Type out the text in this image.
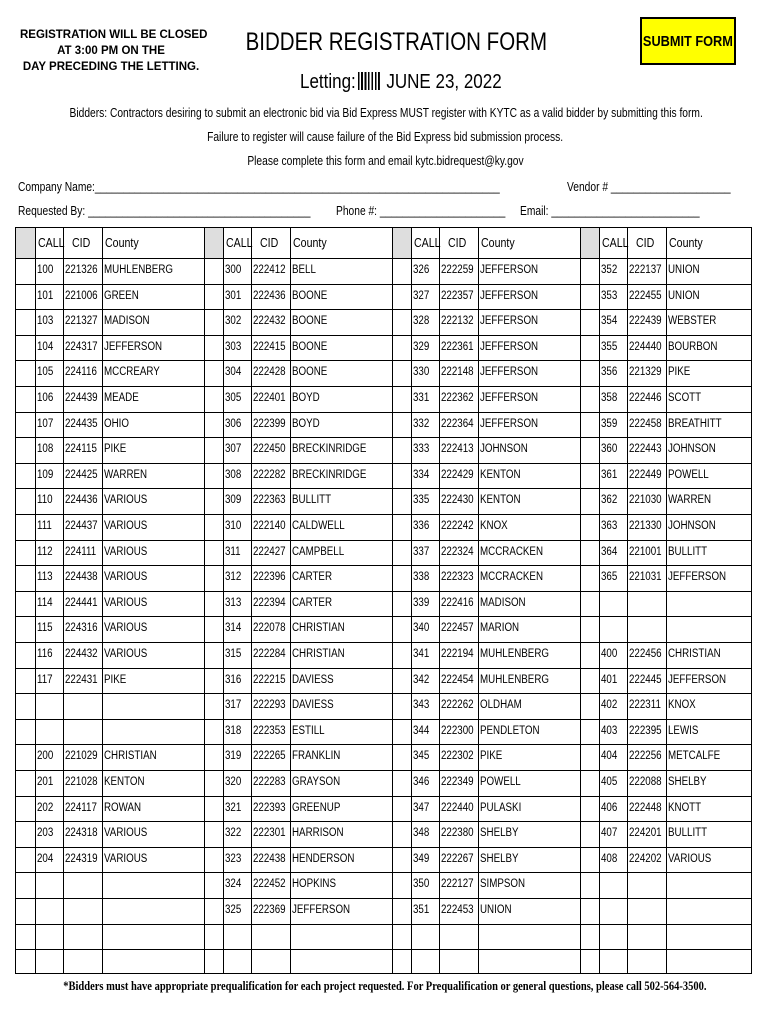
REGISTRATION WILL BE CLOSED
AT 3:00 PM ON THE
DAY PRECEDING THE LETTING.
BIDDER REGISTRATION FORM
Letting: JUNE 23, 2022
SUBMIT FORM
Bidders: Contractors desiring to submit an electronic bid via Bid Express MUST register with KYTC as a valid bidder by submitting this form.
Failure to register will cause failure of the Bid Express bid submission process.
Please complete this form and email kytc.bidrequest@ky.gov
Company Name:_______________________________________________________________________	Vendor # _____________________
Requested By: _______________________________________ Phone #: ______________________ Email: __________________________
CALL CID County
100 221326 MUHLENBERG
101 221006 GREEN
103 221327 MADISON
104 224317 JEFFERSON
105 224116 MCCREARY
106 224439 MEADE
107 224435 OHIO
108 224115 PIKE
109 224425 WARREN
110 224436 VARIOUS
111 224437 VARIOUS
112 224111 VARIOUS
113 224438 VARIOUS
114 224441 VARIOUS
115 224316 VARIOUS
116 224432 VARIOUS
117 222431 PIKE
200 221029 CHRISTIAN
201 221028 KENTON
202 224117 ROWAN
203 224318 VARIOUS
204 224319 VARIOUS
CALL CID County
300 222412 BELL
301 222436 BOONE
302 222432 BOONE
303 222415 BOONE
304 222428 BOONE
305 222401 BOYD
306 222399 BOYD
307 222450 BRECKINRIDGE
308 222282 BRECKINRIDGE
309 222363 BULLITT
310 222140 CALDWELL
311 222427 CAMPBELL
312 222396 CARTER
313 222394 CARTER
314 222078 CHRISTIAN
315 222284 CHRISTIAN
316 222215 DAVIESS
317 222293 DAVIESS
318 222353 ESTILL
319 222265 FRANKLIN
320 222283 GRAYSON
321 222393 GREENUP
322 222301 HARRISON
323 222438 HENDERSON
324 222452 HOPKINS
325 222369 JEFFERSON
CALL CID County
326 222259 JEFFERSON
327 222357 JEFFERSON
328 222132 JEFFERSON
329 222361 JEFFERSON
330 222148 JEFFERSON
331 222362 JEFFERSON
332 222364 JEFFERSON
333 222413 JOHNSON
334 222429 KENTON
335 222430 KENTON
336 222242 KNOX
337 222324 MCCRACKEN
338 222323 MCCRACKEN
339 222416 MADISON
340 222457 MARION
341 222194 MUHLENBERG
342 222454 MUHLENBERG
343 222262 OLDHAM
344 222300 PENDLETON
345 222302 PIKE
346 222349 POWELL
347 222440 PULASKI
348 222380 SHELBY
349 222267 SHELBY
350 222127 SIMPSON
351 222453 UNION
CALL CID County
352 222137 UNION
353 222455 UNION
354 222439 WEBSTER
355 224440 BOURBON
356 221329 PIKE
358 222446 SCOTT
359 222458 BREATHITT
360 222443 JOHNSON
361 222449 POWELL
362 221030 WARREN
363 221330 JOHNSON
364 221001 BULLITT
365 221031 JEFFERSON
400 222456 CHRISTIAN
401 222445 JEFFERSON
402 222311 KNOX
403 222395 LEWIS
404 222256 METCALFE
405 222088 SHELBY
406 222448 KNOTT
407 224201 BULLITT
408 224202 VARIOUS
*Bidders must have appropriate prequalification for each project requested. For Prequalification or general questions, please call 502-564-3500.
